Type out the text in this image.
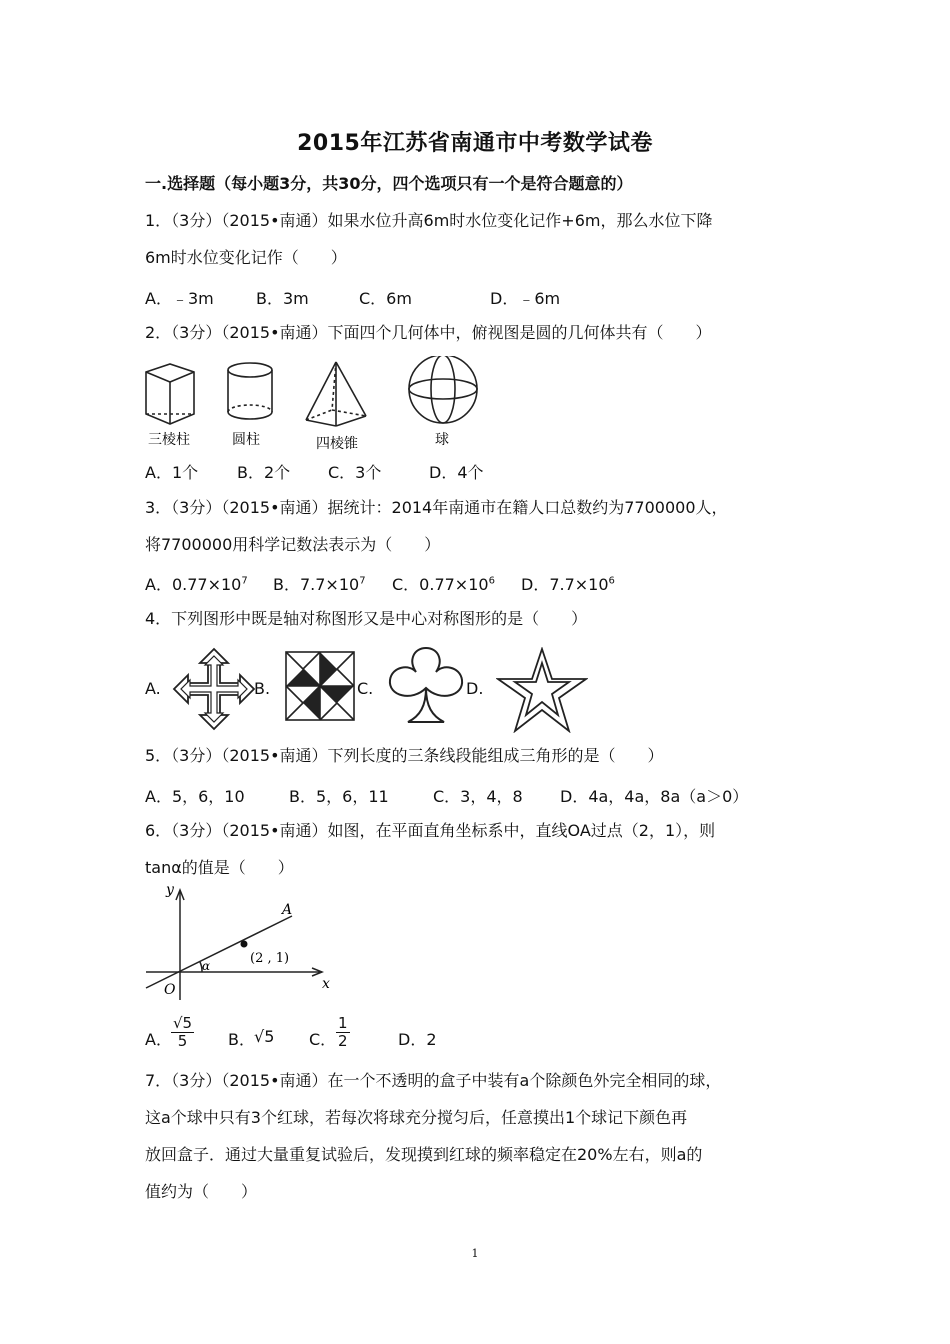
2015年江苏省南通市中考数学试卷
一.选择题（每小题3分，共30分，四个选项只有一个是符合题意的）
1．（3分）（2015•南通）如果水位升高6m时水位变化记作+6m，那么水位下降
6m时水位变化记作（　　）
A．﹣3m	B．3m	C．6m	D．﹣6m
2．（3分）（2015•南通）下面四个几何体中，俯视图是圆的几何体共有（　　）
三棱柱	圆柱	四棱锥	球
A．1个 B．2个 C．3个	D．4个
3．（3分）（2015•南通）据统计：2014年南通市在籍人口总数约为7700000人，
将7700000用科学记数法表示为（　　）
A．$0.77\times 10^7$ B．$7.7\times 10^7$ C．$0.77\times 10^6$ D．$7.7\times 10^6$
4．下列图形中既是轴对称图形又是中心对称图形的是（　　）
A.	B.	C.	D.
5．（3分）（2015•南通）下列长度的三条线段能组成三角形的是（　　）
A．5，6，10	B．5，6，11	C．3，4，8 D．4a，4a，8a（a＞0）
6．（3分）（2015•南通）如图，在平面直角坐标系中，直线OA过点（2，1），则
tanα的值是（　　）
y
x
O
A
α	(2 , 1)
A． $\frac{√5}{5}$ B． √5 C． $\frac{1}{2}$	D．2
7．（3分）（2015•南通）在一个不透明的盒子中装有a个除颜色外完全相同的球，
这a个球中只有3个红球，若每次将球充分搅匀后，任意摸出1个球记下颜色再
放回盒子．通过大量重复试验后，发现摸到红球的频率稳定在20%左右，则a的
值约为（　　）
1
